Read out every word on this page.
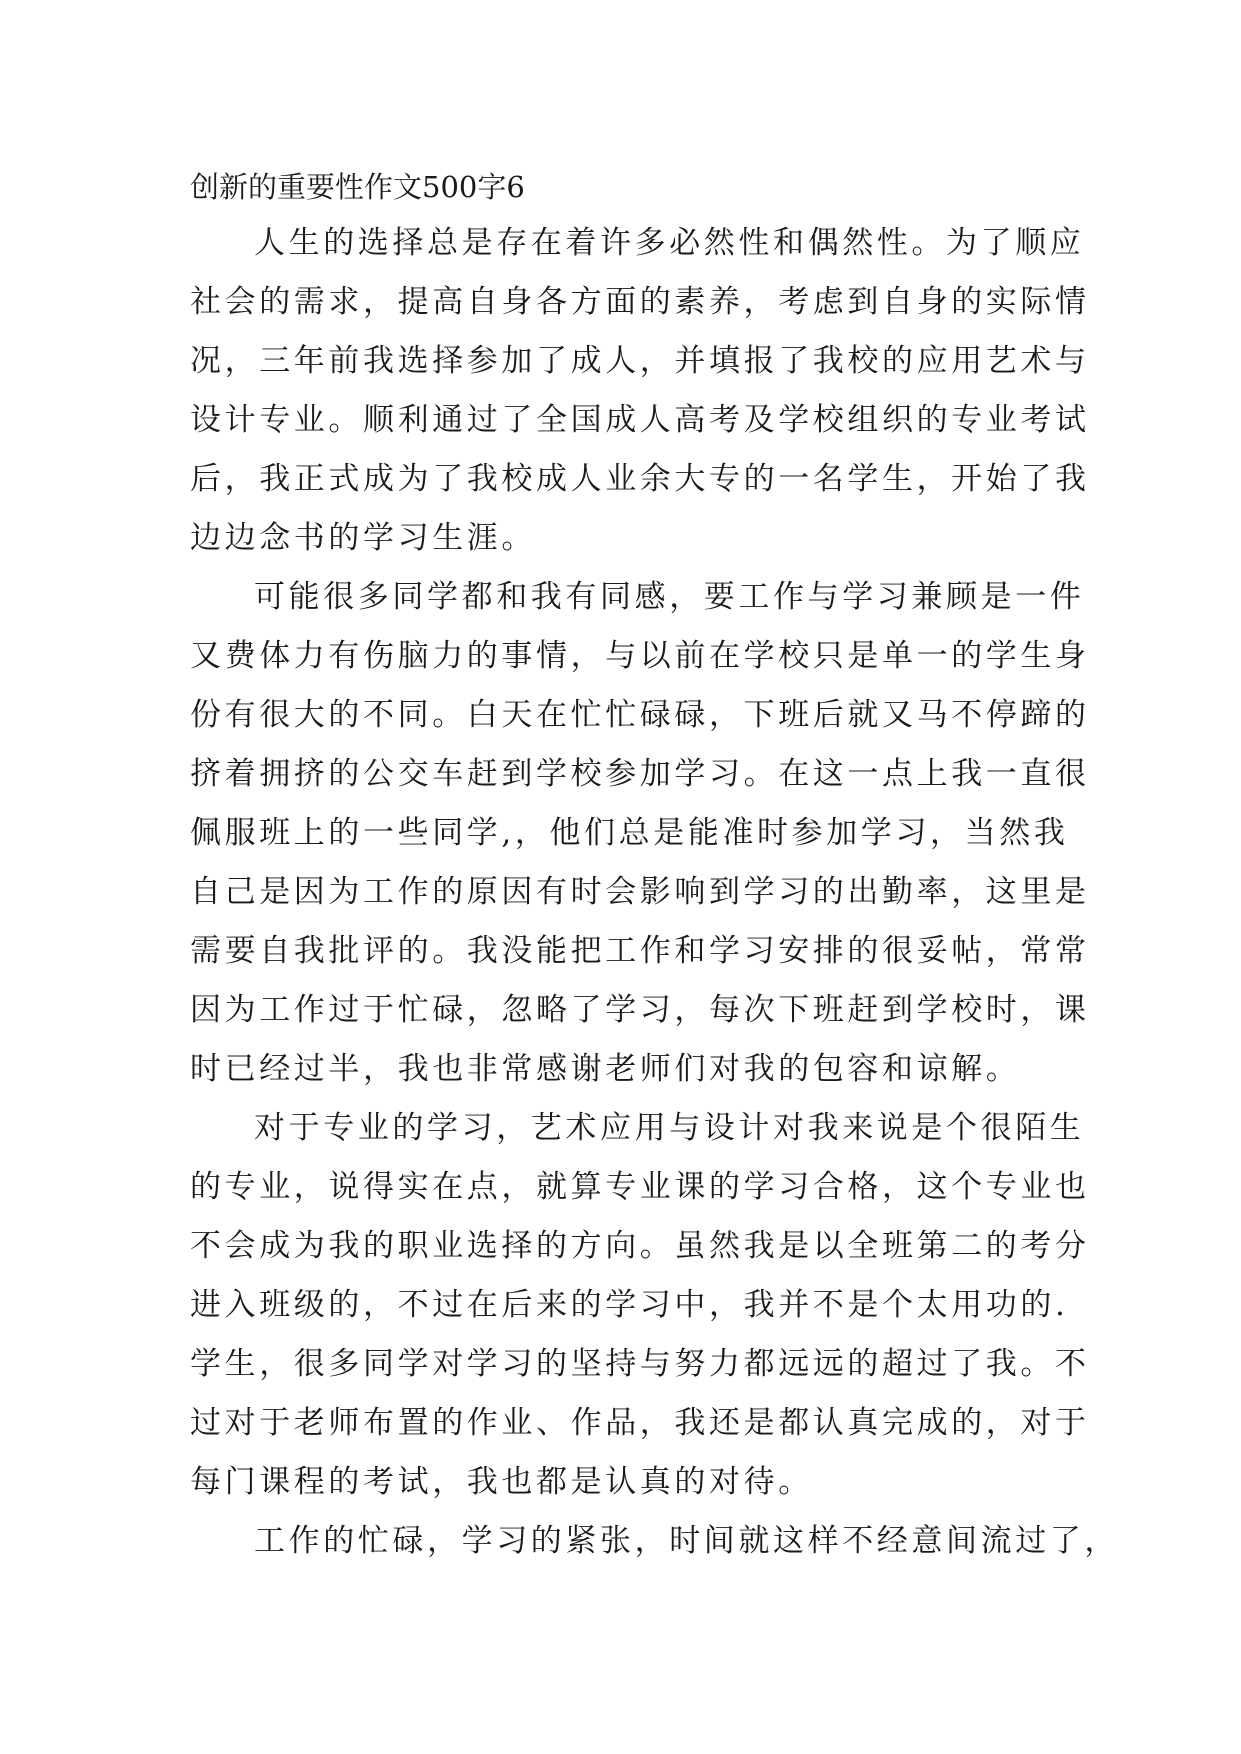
创新的重要性作文500字6
人生的选择总是存在着许多必然性和偶然性。为了顺应
社会的需求，提高自身各方面的素养，考虑到自身的实际情
况，三年前我选择参加了成人，并填报了我校的应用艺术与
设计专业。顺利通过了全国成人高考及学校组织的专业考试
后，我正式成为了我校成人业余大专的一名学生，开始了我
边边念书的学习生涯。
可能很多同学都和我有同感，要工作与学习兼顾是一件
又费体力有伤脑力的事情，与以前在学校只是单一的学生身
份有很大的不同。白天在忙忙碌碌，下班后就又马不停蹄的
挤着拥挤的公交车赶到学校参加学习。在这一点上我一直很
佩服班上的一些同学,，他们总是能准时参加学习，当然我
自己是因为工作的原因有时会影响到学习的出勤率，这里是
需要自我批评的。我没能把工作和学习安排的很妥帖，常常
因为工作过于忙碌，忽略了学习，每次下班赶到学校时，课
时已经过半，我也非常感谢老师们对我的包容和谅解。
对于专业的学习，艺术应用与设计对我来说是个很陌生
的专业，说得实在点，就算专业课的学习合格，这个专业也
不会成为我的职业选择的方向。虽然我是以全班第二的考分
进入班级的，不过在后来的学习中，我并不是个太用功的.
学生，很多同学对学习的坚持与努力都远远的超过了我。不
过对于老师布置的作业、作品，我还是都认真完成的，对于
每门课程的考试，我也都是认真的对待。
工作的忙碌，学习的紧张，时间就这样不经意间流过了，
